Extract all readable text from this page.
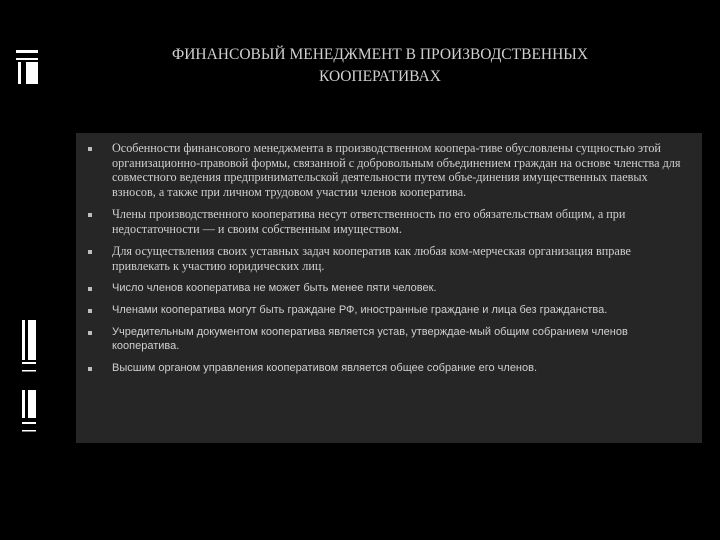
ФИНАНСОВЫЙ МЕНЕДЖМЕНТ В ПРОИЗВОДСТВЕННЫХ
КООПЕРАТИВАХ
Особенности финансового менеджмента в производственном коопера-тиве обусловлены сущностью этой организационно-правовой формы, связанной с добровольным объединением граждан на основе членства для совместного ведения предпринимательской деятельности путем объе-динения имущественных паевых взносов, а также при личном трудовом участии членов кооператива.
Члены производственного кооператива несут ответственность по его обязательствам общим, а при недостаточности — и своим собственным имуществом.
Для осуществления своих уставных задач кооператив как любая ком-мерческая организация вправе привлекать к участию юридических лиц.
Число членов кооператива не может быть менее пяти человек.
Членами кооператива могут быть граждане РФ, иностранные граждане и лица без гражданства.
Учредительным документом кооператива является устав, утверждае-мый общим собранием членов кооператива.
Высшим органом управления кооперативом является общее собрание его членов.
